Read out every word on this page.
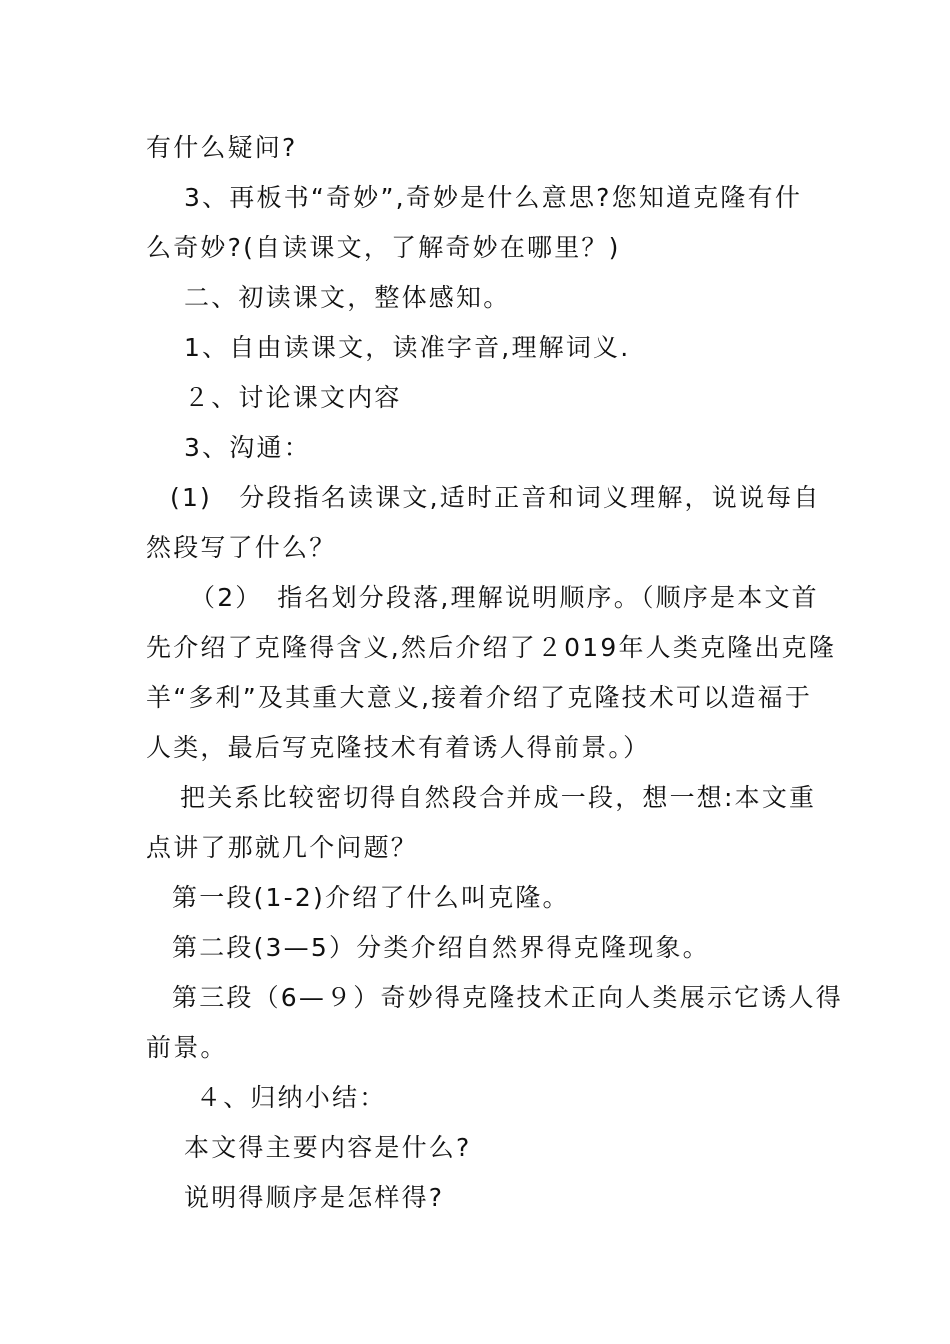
有什么疑问?
3、再板书“奇妙”,奇妙是什么意思?您知道克隆有什
么奇妙?(自读课文，了解奇妙在哪里？)
二、初读课文，整体感知。
1、自由读课文，读准字音,理解词义.
２、讨论课文内容
3、沟通：
(1)　分段指名读课文,适时正音和词义理解，说说每自
然段写了什么？
（2）　指名划分段落,理解说明顺序。（顺序是本文首
先介绍了克隆得含义,然后介绍了２019年人类克隆出克隆
羊“多利”及其重大意义,接着介绍了克隆技术可以造福于
人类，最后写克隆技术有着诱人得前景。）
把关系比较密切得自然段合并成一段，想一想:本文重
点讲了那就几个问题？
第一段(1-2)介绍了什么叫克隆。
第二段(3—5）分类介绍自然界得克隆现象。
第三段（6—９）奇妙得克隆技术正向人类展示它诱人得
前景。
４、归纳小结：
本文得主要内容是什么?
说明得顺序是怎样得?
